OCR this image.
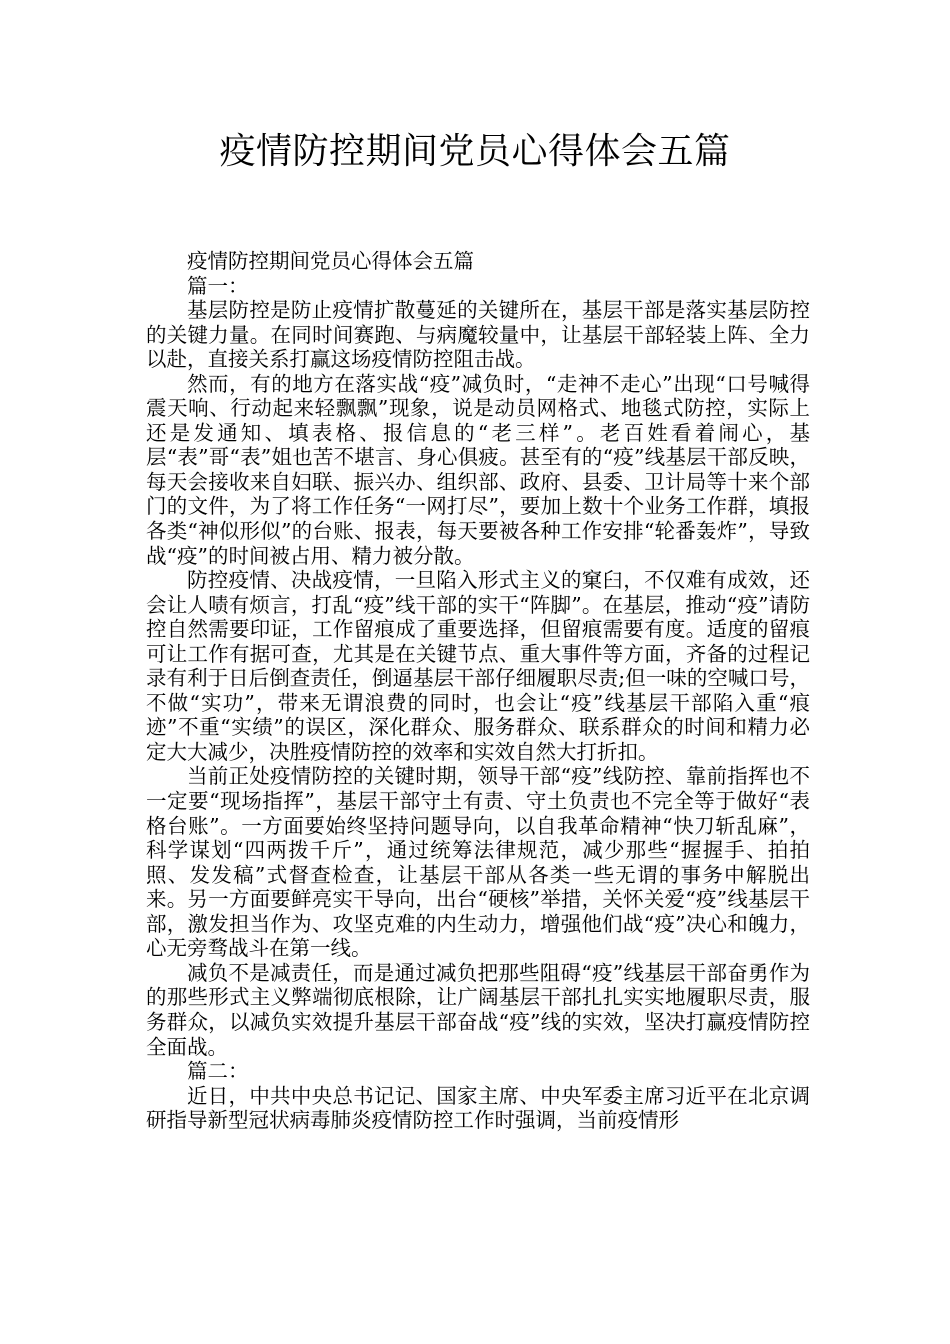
疫情防控期间党员心得体会五篇

疫情防控期间党员心得体会五篇

篇一：

基层防控是防止疫情扩散蔓延的关键所在，基层干部是落实基层防控的关键力量。在同时间赛跑、与病魔较量中，让基层干部轻装上阵、全力以赴，直接关系打赢这场疫情防控阻击战。

然而，有的地方在落实战“疫”减负时，“走神不走心”出现“口号喊得震天响、行动起来轻飘飘”现象，说是动员网格式、地毯式防控，实际上还是发通知、填表格、报信息的“老三样”。老百姓看着闹心，基层“表”哥“表”姐也苦不堪言、身心俱疲。甚至有的“疫”线基层干部反映，每天会接收来自妇联、振兴办、组织部、政府、县委、卫计局等十来个部门的文件，为了将工作任务“一网打尽”，要加上数十个业务工作群，填报各类“神似形似”的台账、报表，每天要被各种工作安排“轮番轰炸”，导致战“疫”的时间被占用、精力被分散。

防控疫情、决战疫情，一旦陷入形式主义的窠臼，不仅难有成效，还会让人啧有烦言，打乱“疫”线干部的实干“阵脚”。在基层，推动“疫”请防控自然需要印证，工作留痕成了重要选择，但留痕需要有度。适度的留痕可让工作有据可查，尤其是在关键节点、重大事件等方面，齐备的过程记录有利于日后倒查责任，倒逼基层干部仔细履职尽责;但一味的空喊口号，不做“实功”，带来无谓浪费的同时，也会让“疫”线基层干部陷入重“痕迹”不重“实绩”的误区，深化群众、服务群众、联系群众的时间和精力必定大大减少，决胜疫情防控的效率和实效自然大打折扣。

当前正处疫情防控的关键时期，领导干部“疫”线防控、靠前指挥也不一定要“现场指挥”，基层干部守土有责、守土负责也不完全等于做好“表格台账”。一方面要始终坚持问题导向，以自我革命精神“快刀斩乱麻”，科学谋划“四两拨千斤”，通过统筹法律规范，减少那些“握握手、拍拍照、发发稿”式督查检查，让基层干部从各类一些无谓的事务中解脱出来。另一方面要鲜亮实干导向，出台“硬核”举措，关怀关爱“疫”线基层干部，激发担当作为、攻坚克难的内生动力，增强他们战“疫”决心和魄力，心无旁骛战斗在第一线。

减负不是减责任，而是通过减负把那些阻碍“疫”线基层干部奋勇作为的那些形式主义弊端彻底根除，让广阔基层干部扎扎实实地履职尽责，服务群众，以减负实效提升基层干部奋战“疫”线的实效，坚决打赢疫情防控全面战。

篇二：

近日，中共中央总书记记、国家主席、中央军委主席习近平在北京调研指导新型冠状病毒肺炎疫情防控工作时强调，当前疫情形
